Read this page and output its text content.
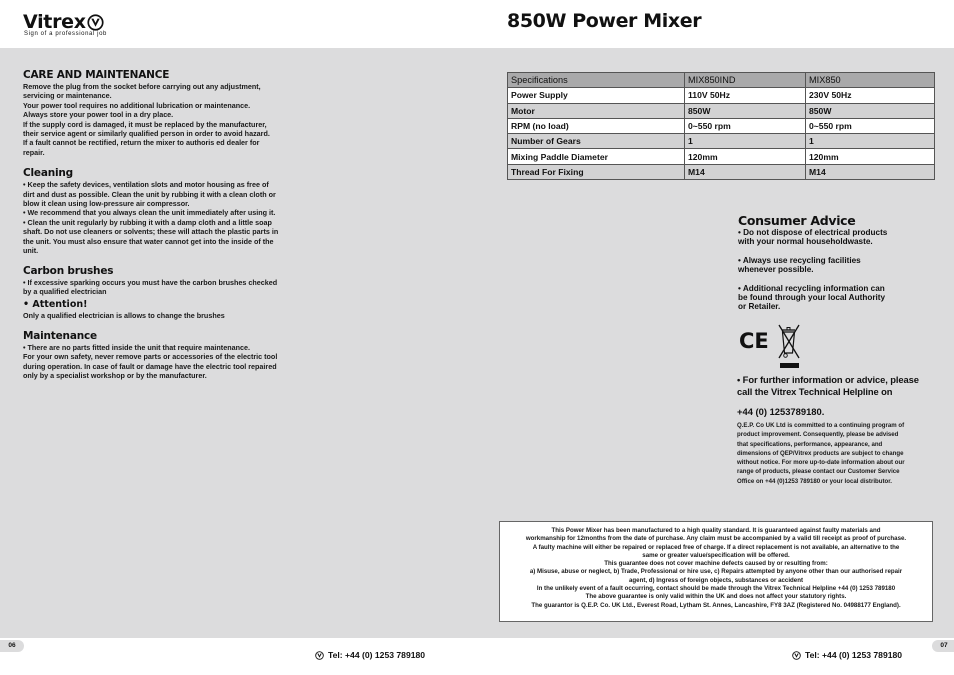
Vitrex
Sign of a professional job
850W Power Mixer
CARE AND MAINTENANCE
Remove the plug from the socket before carrying out any adjustment,
servicing or maintenance.
Your power tool requires no additional lubrication or maintenance.
Always store your power tool in a dry place.
If the supply cord is damaged, it must be replaced by the manufacturer,
their service agent or similarly qualified person in order to avoid hazard.
If a fault cannot be rectified, return the mixer to authoris ed dealer for
repair.
Cleaning
• Keep the safety devices, ventilation slots and motor housing as free of
dirt and dust as possible. Clean the unit by rubbing it with a clean cloth or
blow it clean using low-pressure air compressor.
• We recommend that you always clean the unit immediately after using it.
• Clean the unit regularly by rubbing it with a damp cloth and a little soap
shaft. Do not use cleaners or solvents; these will attach the plastic parts in
the unit. You must also ensure that water cannot get into the inside of the
unit.
Carbon brushes
• If excessive sparking occurs you must have the carbon brushes checked
by a qualified electrician
• Attention!
Only a qualified electrician is allows to change the brushes
Maintenance
• There are no parts fitted inside the unit that require maintenance.
For your own safety, never remove parts or accessories of the electric tool
during operation. In case of fault or damage have the electric tool repaired
only by a specialist workshop or by the manufacturer.
Specifications	MIX850IND	MIX850
Power Supply	110V 50Hz	230V 50Hz
Motor	850W	850W
RPM (no load)	0~550 rpm	0~550 rpm
Number of Gears	1	1
Mixing Paddle Diameter	120mm	120mm
Thread For Fixing	M14	M14
Consumer Advice
• Do not dispose of electrical products
with your normal householdwaste.
• Always use recycling facilities
whenever possible.
• Additional recycling information can
be found through your local Authority
or Retailer.
CE
• For further information or advice, please
call the Vitrex Technical Helpline on
+44 (0) 1253789180.
Q.E.P. Co UK Ltd is committed to a continuing program of
product improvement. Consequently, please be advised
that specifications, performance, appearance, and
dimensions of QEP/Vitrex products are subject to change
without notice. For more up-to-date information about our
range of products, please contact our Customer Service
Office on +44 (0)1253 789180 or your local distributor.
This Power Mixer has been manufactured to a high quality standard. It is guaranteed against faulty materials and
workmanship for 12months from the date of purchase. Any claim must be accompanied by a valid till receipt as proof of purchase.
A faulty machine will either be repaired or replaced free of charge. If a direct replacement is not available, an alternative to the
same or greater value/specification will be offered.
This guarantee does not cover machine defects caused by or resulting from:
a) Misuse, abuse or neglect, b) Trade, Professional or hire use, c) Repairs attempted by anyone other than our authorised repair
agent, d) Ingress of foreign objects, substances or accident
In the unlikely event of a fault occurring, contact should be made through the Vitrex Technical Helpline +44 (0) 1253 789180
The above guarantee is only valid within the UK and does not affect your statutory rights.
The guarantor is Q.E.P. Co. UK Ltd., Everest Road, Lytham St. Annes, Lancashire, FY8 3AZ (Registered No. 04988177 England).
06	07
Tel: +44 (0) 1253 789180	Tel: +44 (0) 1253 789180
